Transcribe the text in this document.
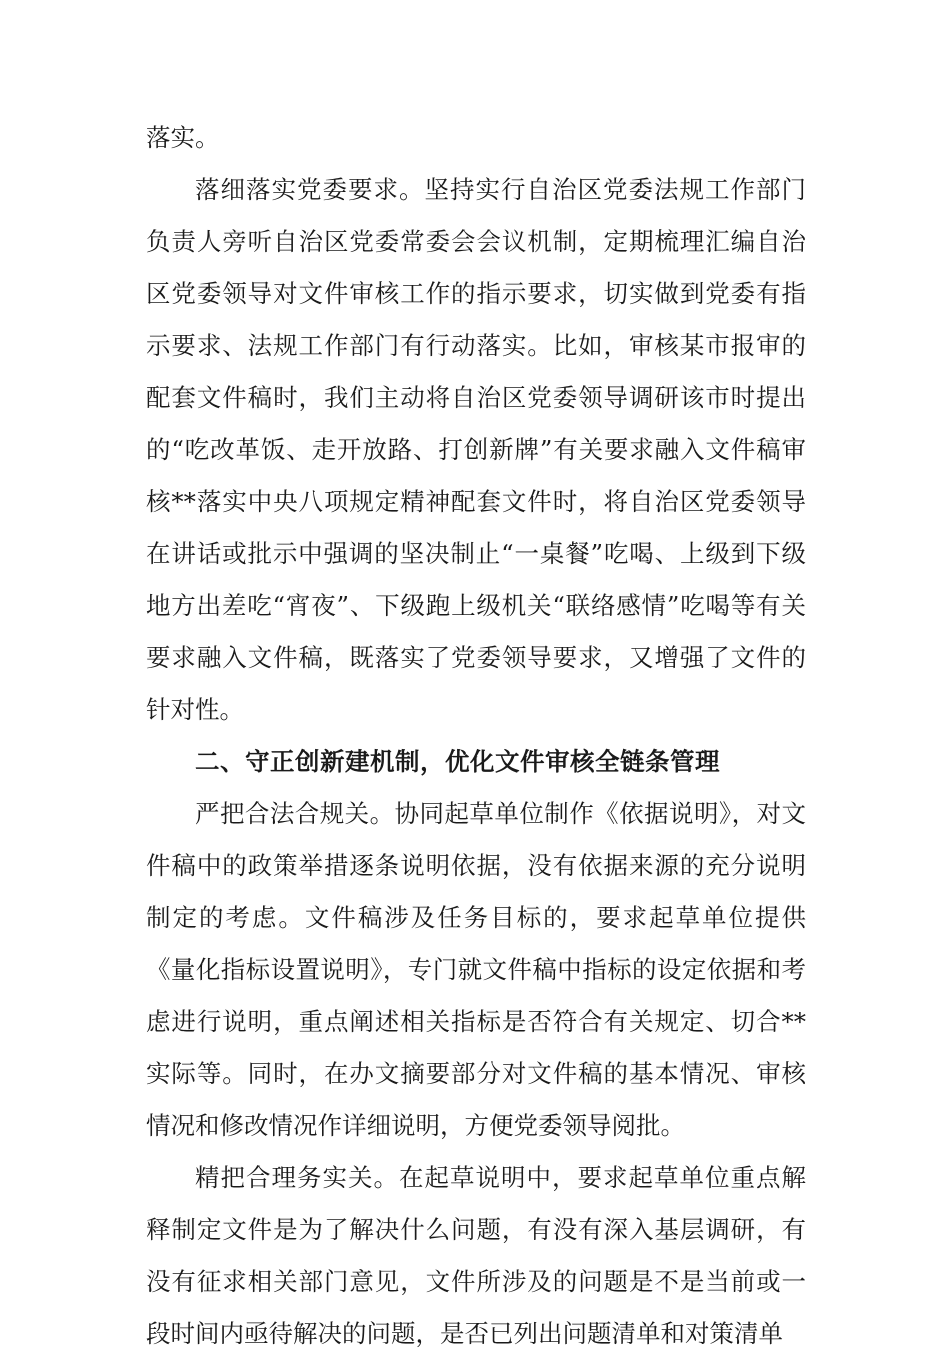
落实。

落细落实党委要求。坚持实行自治区党委法规工作部门负责人旁听自治区党委常委会会议机制，定期梳理汇编自治区党委领导对文件审核工作的指示要求，切实做到党委有指示要求、法规工作部门有行动落实。比如，审核某市报审的配套文件稿时，我们主动将自治区党委领导调研该市时提出的“吃改革饭、走开放路、打创新牌”有关要求融入文件稿审核**落实中央八项规定精神配套文件时，将自治区党委领导在讲话或批示中强调的坚决制止“一桌餐”吃喝、上级到下级地方出差吃“宵夜”、下级跑上级机关“联络感情”吃喝等有关要求融入文件稿，既落实了党委领导要求，又增强了文件的针对性。

二、守正创新建机制，优化文件审核全链条管理

严把合法合规关。协同起草单位制作《依据说明》，对文件稿中的政策举措逐条说明依据，没有依据来源的充分说明制定的考虑。文件稿涉及任务目标的，要求起草单位提供《量化指标设置说明》，专门就文件稿中指标的设定依据和考虑进行说明，重点阐述相关指标是否符合有关规定、切合**实际等。同时，在办文摘要部分对文件稿的基本情况、审核情况和修改情况作详细说明，方便党委领导阅批。

精把合理务实关。在起草说明中，要求起草单位重点解释制定文件是为了解决什么问题，有没有深入基层调研，有没有征求相关部门意见，文件所涉及的问题是不是当前或一段时间内亟待解决的问题，是否已列出问题清单和对策清单
